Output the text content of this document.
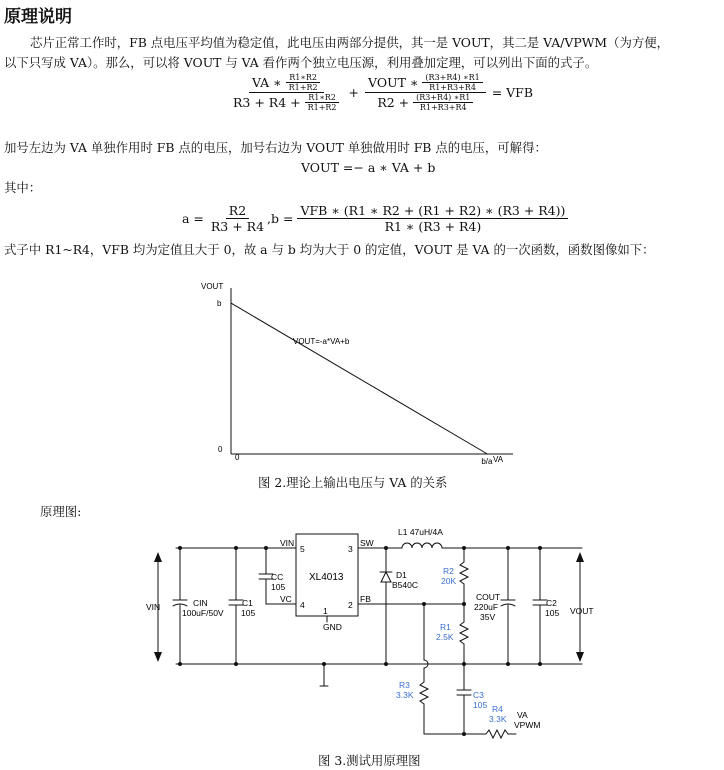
原理说明
芯片正常工作时，FB 点电压平均值为稳定值，此电压由两部分提供，其一是 VOUT，其二是 VA/VPWM（为方便，
以下只写成 VA）。那么，可以将 VOUT 与 VA 看作两个独立电压源，利用叠加定理，可以列出下面的式子。
VA
∗
$\frac{R1∗R2}{R1+R2}$
R3 + R4 +
$\frac{R1∗R2}{R1+R2}$ + VOUT
∗
$\frac{(R3+R4) ∗R1}{R1+R3+R4}$
R2 +
$\frac{(R3+R4) ∗R1}{R1+R3+R4}$ = VFB
加号左边为 VA 单独作用时 FB 点的电压，加号右边为 VOUT 单独做用时 FB 点的电压，可解得：
VOUT =− a ∗ VA + b
其中：
a =
$\frac{R2}{R3 + R4} ,b$ =
$\frac{\text{VFB ∗ (R1 ∗ R2 + (R1 + R2) ∗ (R3 + R4))}}{R1 ∗ (R3 + R4)}$
式子中 R1~R4，VFB 均为定值且大于 0，故 a 与 b 均为大于 0 的定值，VOUT 是 VA 的一次函数，函数图像如下：
VOUT
VA
b
0
0	b/a
VOUT=-a*VA+b
图 2.理论上输出电压与 VA 的关系
原理图:
VIN	CIN
100uF/50V
C1
105
CC
105
XL4013
VIN
5
VC
4
SW
3
FB
2
1
GND
L1 47uH/4A
D1
B540C
R2
20K
R1
2.5K
COUT
220uF
35V
C2
105 VOUT
R3
3.3K	C3
105 R4
3.3K VA
VPWM
图 3.测试用原理图
